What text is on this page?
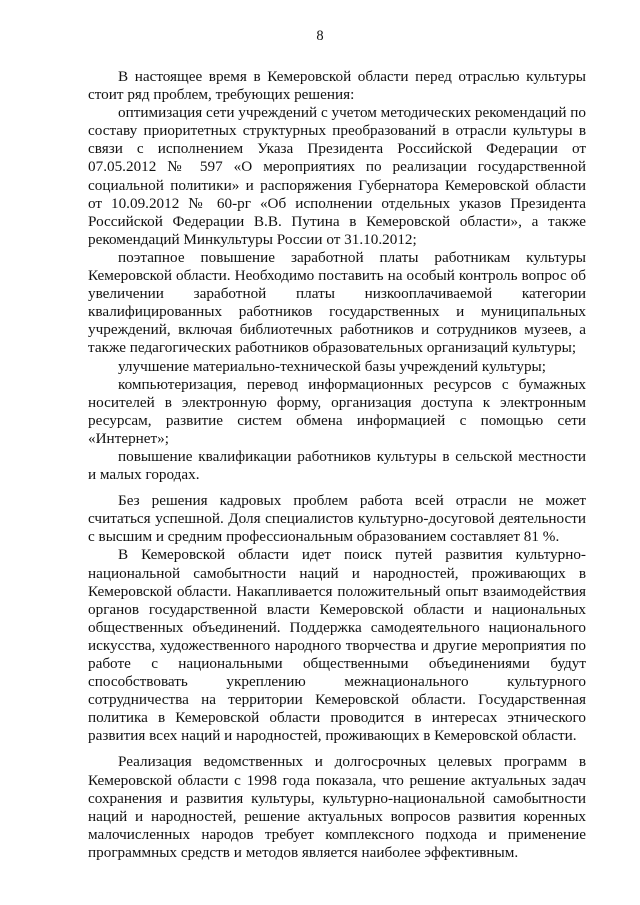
8

В настоящее время в Кемеровской области перед отраслью культуры стоит ряд проблем, требующих решения:

оптимизация сети учреждений с учетом методических рекомендаций по составу приоритетных структурных преобразований в отрасли культуры в связи с исполнением Указа Президента Российской Федерации от 07.05.2012 № 597 «О мероприятиях по реализации государственной социальной политики» и распоряжения Губернатора Кемеровской области от 10.09.2012 № 60-рг «Об исполнении отдельных указов Президента Российской Федерации В.В. Путина в Кемеровской области», а также рекомендаций Минкультуры России от 31.10.2012;

поэтапное повышение заработной платы работникам культуры Кемеровской области. Необходимо поставить на особый контроль вопрос об увеличении заработной платы низкооплачиваемой категории квалифицированных работников государственных и муниципальных учреждений, включая библиотечных работников и сотрудников музеев, а также педагогических работников образовательных организаций культуры;

улучшение материально-технической базы учреждений культуры;

компьютеризация, перевод информационных ресурсов с бумажных носителей в электронную форму, организация доступа к электронным ресурсам, развитие систем обмена информацией с помощью сети «Интернет»;

повышение квалификации работников культуры в сельской местности и малых городах.

Без решения кадровых проблем работа всей отрасли не может считаться успешной. Доля специалистов культурно-досуговой деятельности с высшим и средним профессиональным образованием составляет 81 %.

В Кемеровской области идет поиск путей развития культурно-национальной самобытности наций и народностей, проживающих в Кемеровской области. Накапливается положительный опыт взаимодействия органов государственной власти Кемеровской области и национальных общественных объединений. Поддержка самодеятельного национального искусства, художественного народного творчества и другие мероприятия по работе с национальными общественными объединениями будут способствовать укреплению межнационального культурного сотрудничества на территории Кемеровской области. Государственная политика в Кемеровской области проводится в интересах этнического развития всех наций и народностей, проживающих в Кемеровской области.

Реализация ведомственных и долгосрочных целевых программ в Кемеровской области с 1998 года показала, что решение актуальных задач сохранения и развития культуры, культурно-национальной самобытности наций и народностей, решение актуальных вопросов развития коренных малочисленных народов требует комплексного подхода и применение программных средств и методов является наиболее эффективным.
